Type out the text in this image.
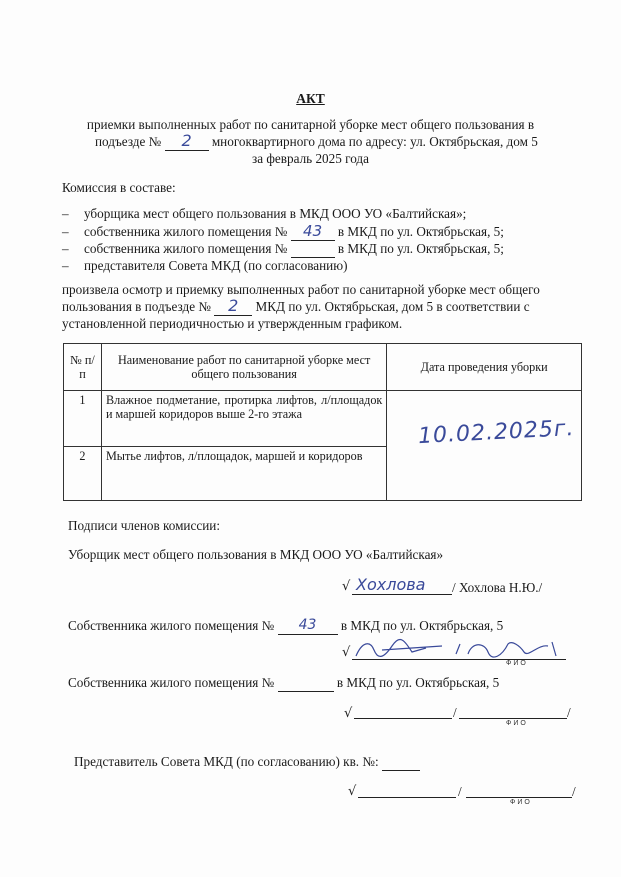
АКТ
приемки выполненных работ по санитарной уборке мест общего пользования в
подъезде №	2	многоквартирного дома по адресу: ул. Октябрьская, дом 5
за февраль 2025 года
Комиссия в составе:
– уборщика мест общего пользования в МКД ООО УО «Балтийская»;
– собственника жилого помещения №	43	в МКД по ул. Октябрьская, 5;
– собственника жилого помещения №	в МКД по ул. Октябрьская, 5;
– представителя Совета МКД (по согласованию)
произвела осмотр и приемку выполненных работ по санитарной уборке мест общего
пользования в подъезде №	2	МКД по ул. Октябрьская, дом 5 в соответствии с
установленной периодичностью и утвержденным графиком.
№ п/п	Наименование работ по санитарной уборке мест общего пользования	Дата проведения уборки
1	Влажное подметание, протирка лифтов, л/площадок и маршей коридоров выше 2-го этажа	
2	Мытье лифтов, л/площадок, маршей и коридоров	
10.02.2025г.
Подписи членов комиссии:
Уборщик мест общего пользования в МКД ООО УО «Балтийская»
√ Хохлова / Хохлова Н.Ю./
Собственника жилого помещения №	43	в МКД по ул. Октябрьская, 5
√
ФИО
Собственника жилого помещения №	в МКД по ул. Октябрьская, 5
√	/	/
ФИО
Представитель Совета МКД (по согласованию) кв. №:
√	/	/
ФИО
